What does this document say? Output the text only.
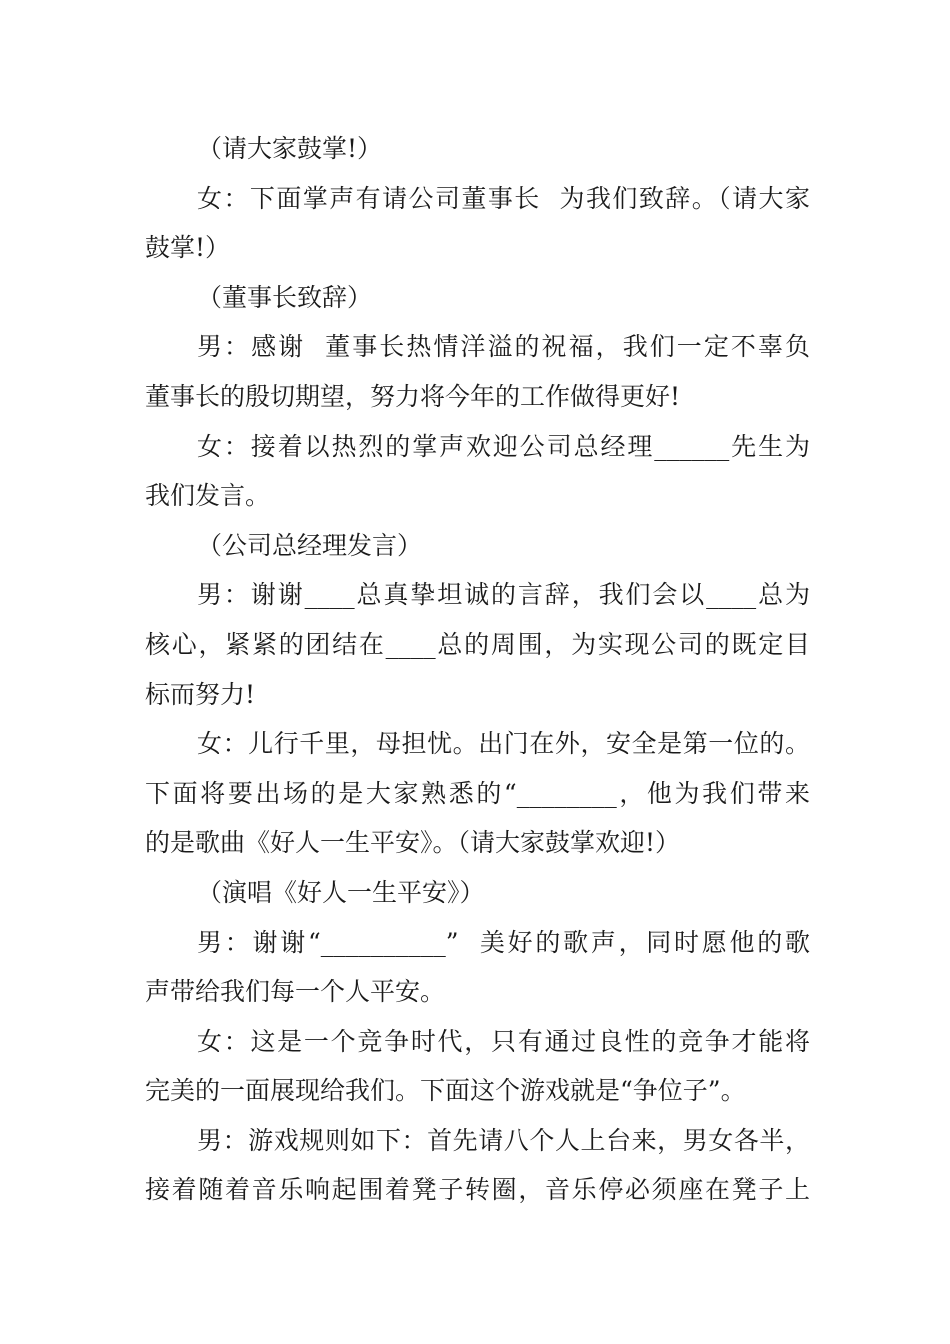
（请大家鼓掌!）
女：下面掌声有请公司董事长  为我们致辞。（请大家
鼓掌!）
（董事长致辞）
男：感谢  董事长热情洋溢的祝福，我们一定不辜负
董事长的殷切期望，努力将今年的工作做得更好!
女：接着以热烈的掌声欢迎公司总经理______先生为
我们发言。
（公司总经理发言）
男：谢谢____总真挚坦诚的言辞，我们会以____总为
核心，紧紧的团结在____总的周围，为实现公司的既定目
标而努力!
女：儿行千里，母担忧。出门在外，安全是第一位的。
下面将要出场的是大家熟悉的“________，他为我们带来
的是歌曲《好人一生平安》。（请大家鼓掌欢迎!）
（演唱《好人一生平安》）
男：谢谢“__________”  美好的歌声，同时愿他的歌
声带给我们每一个人平安。
女：这是一个竞争时代，只有通过良性的竞争才能将
完美的一面展现给我们。下面这个游戏就是“争位子”。
男：游戏规则如下：首先请八个人上台来，男女各半，
接着随着音乐响起围着凳子转圈，音乐停必须座在凳子上
